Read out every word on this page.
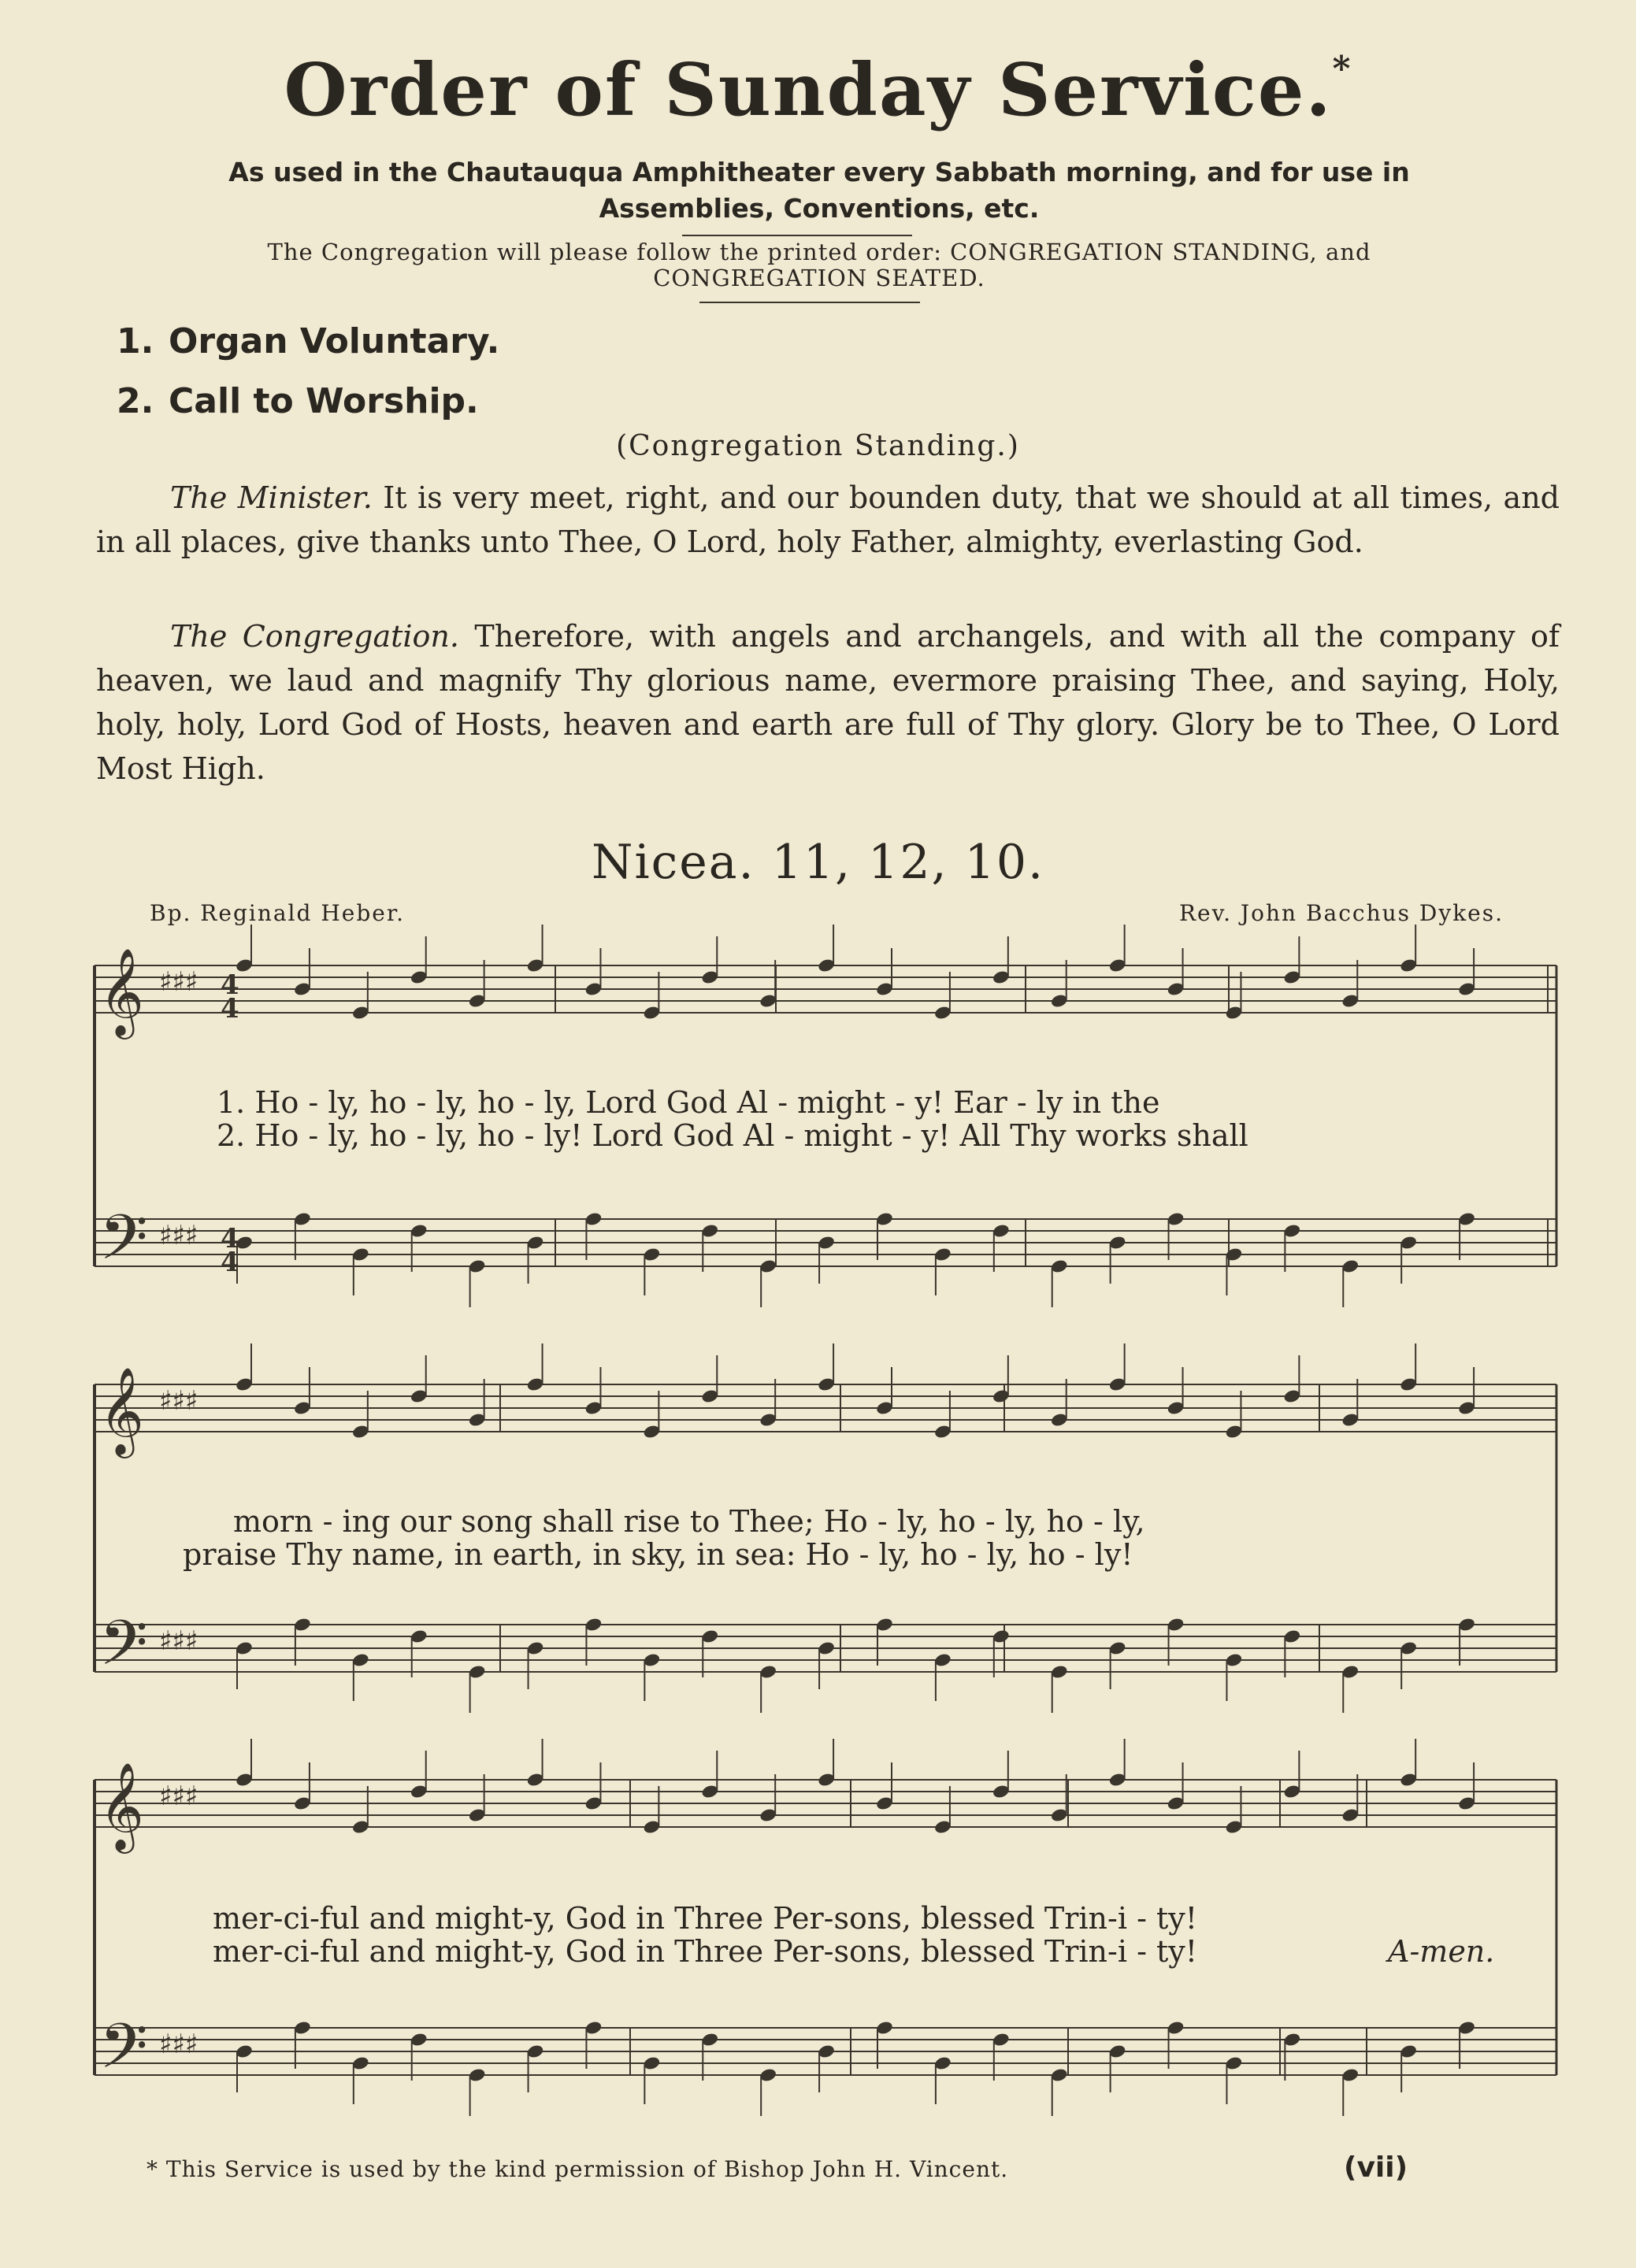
Order of Sunday Service.*
As used in the Chautauqua Amphitheater every Sabbath morning, and for use in
Assemblies, Conventions, etc.
The Congregation will please follow the printed order: CONGREGATION STANDING, and
CONGREGATION SEATED.
1. Organ Voluntary.
2. Call to Worship.
(Congregation Standing.)

The Minister. It is very meet, right, and our bounden duty, that we should at all times, and in all places, give thanks unto Thee, O Lord, holy Father, almighty, everlasting God.

The Congregation. Therefore, with angels and archangels, and with all the company of heaven, we laud and magnify Thy glorious name, evermore praising Thee, and saying, Holy, holy, holy, Lord God of Hosts, heaven and earth are full of Thy glory. Glory be to Thee, O Lord Most High.

Nicea. 11, 12, 10.
Bp. Reginald Heber.	Rev. John Bacchus Dykes.
𝄞 ♯♯♯
𝄢 ♯♯♯
𝄞 ♯♯♯
𝄢 ♯♯♯
𝄞 ♯♯♯
𝄢 ♯♯♯
4
4
4
4
1. Ho - ly, ho - ly, ho - ly, Lord God Al - might - y! Ear - ly in the
2. Ho - ly, ho - ly, ho - ly! Lord God Al - might - y! All Thy works shall
morn - ing our song shall rise to Thee; Ho - ly, ho - ly, ho - ly,
praise Thy name, in earth, in sky, in sea: Ho - ly, ho - ly, ho - ly!
mer-ci-ful and might-y, God in Three Per-sons, blessed Trin-i - ty!
mer-ci-ful and might-y, God in Three Per-sons, blessed Trin-i - ty!	A-men.
* This Service is used by the kind permission of Bishop John H. Vincent.	(vii)
